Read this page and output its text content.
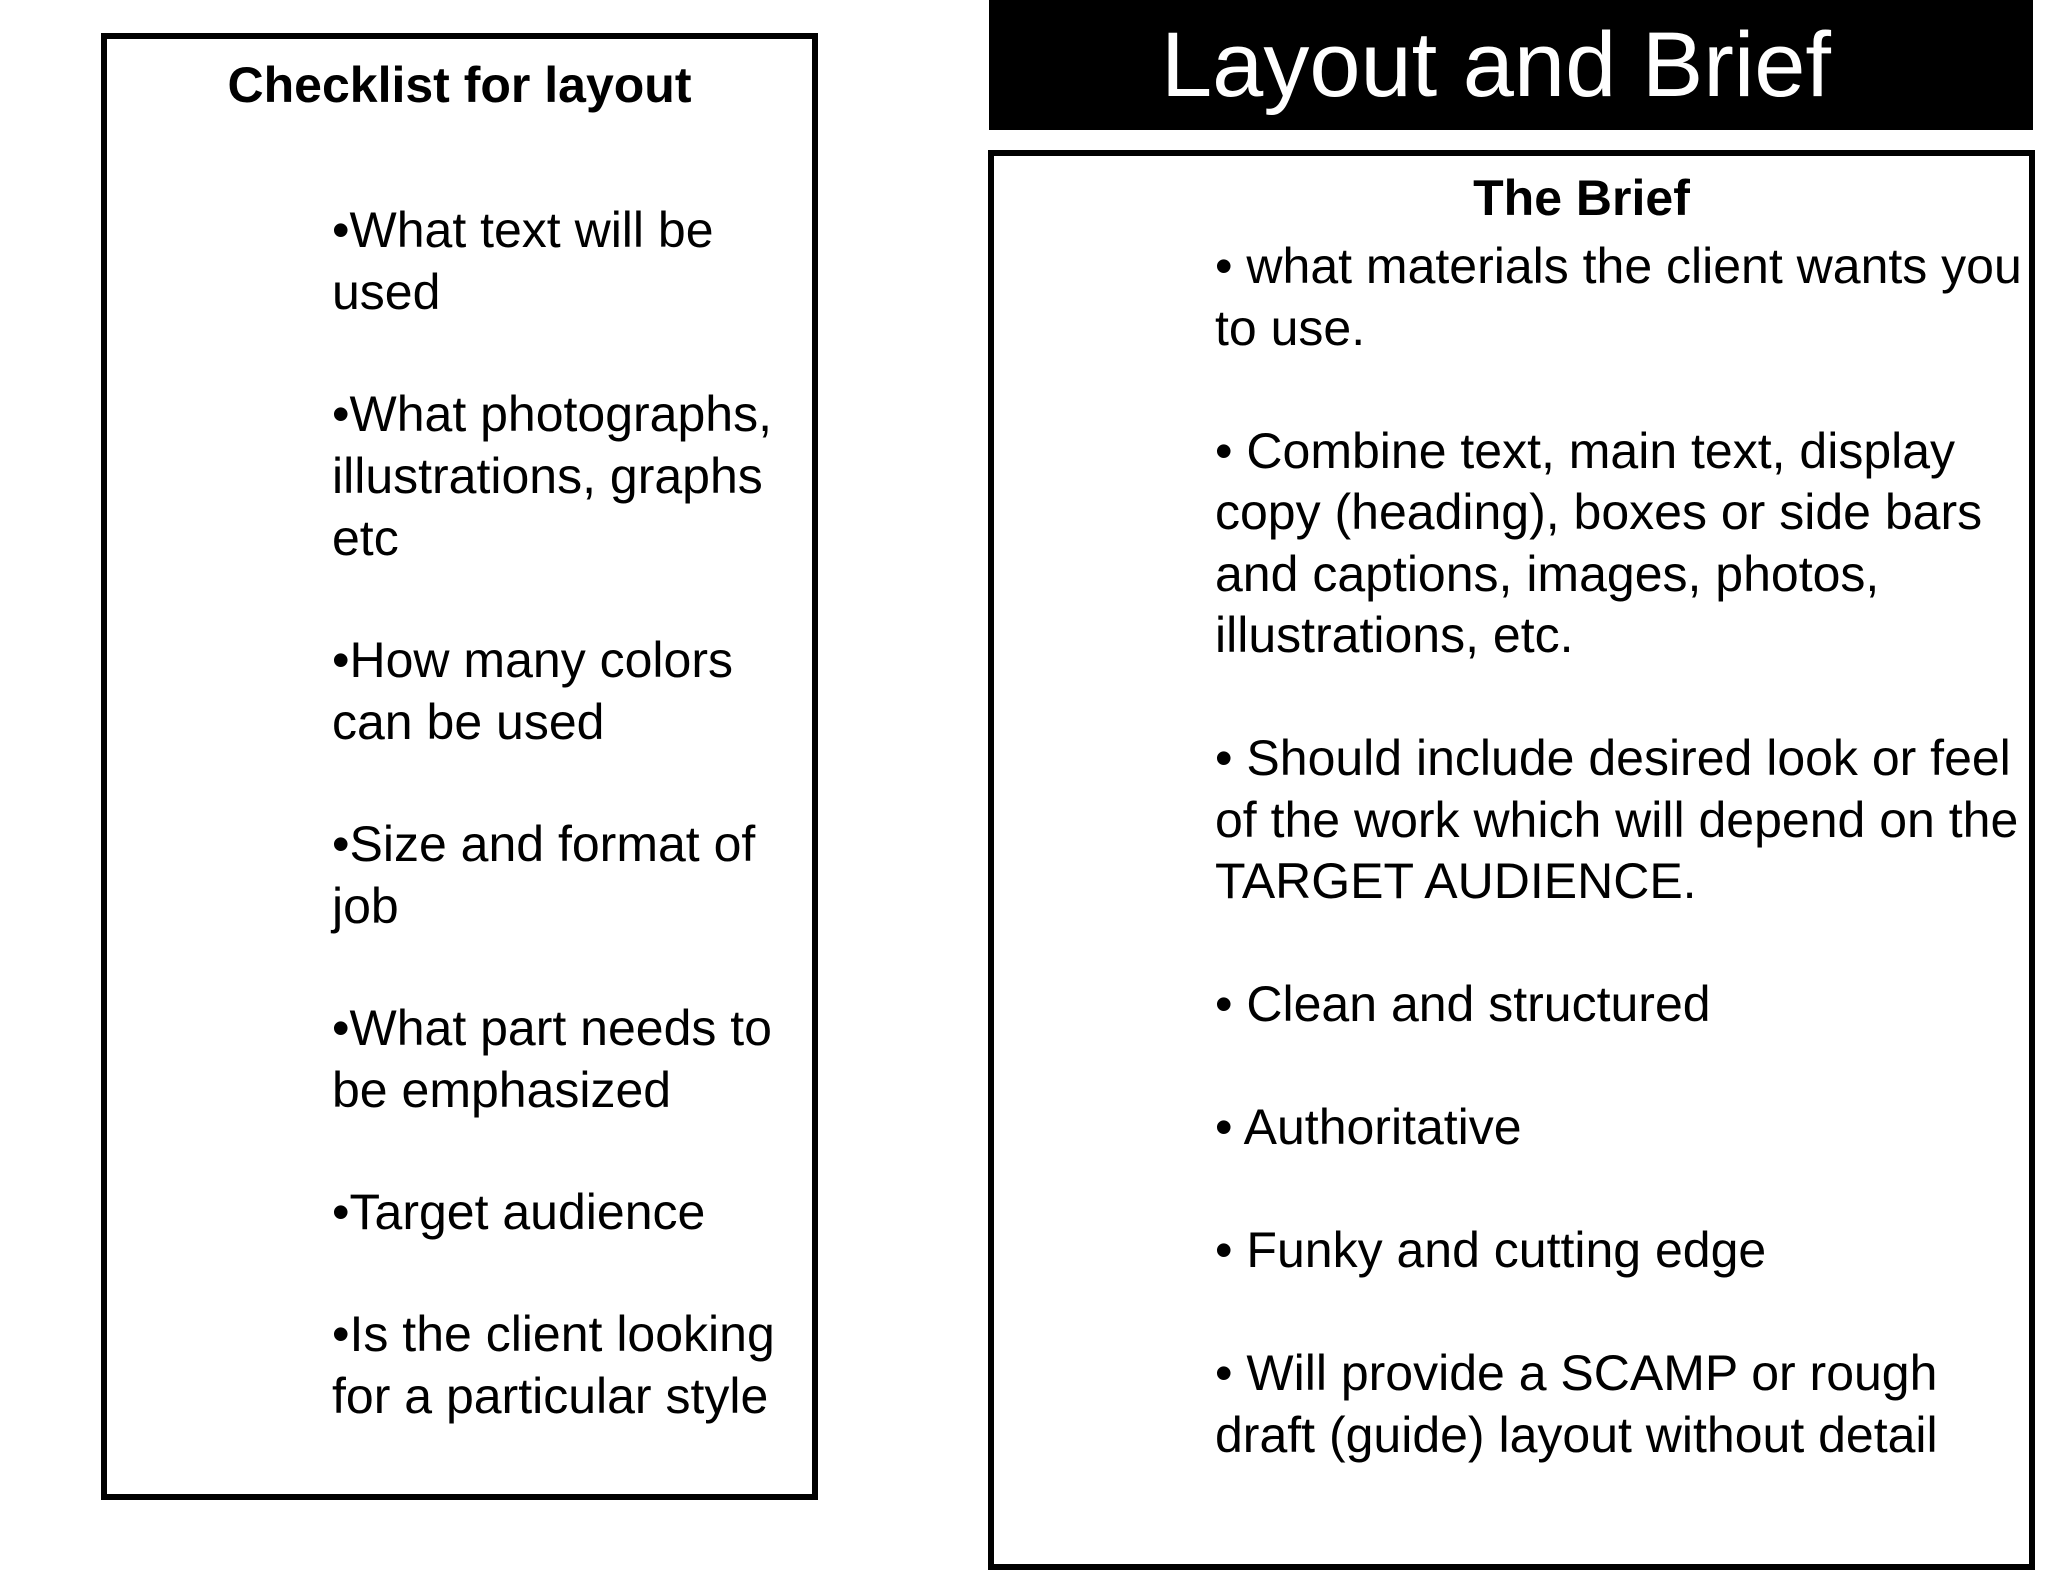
Checklist for layout
• What text will be used
• What photographs, illustrations, graphs etc
• How many colors can be used
• Size and format of job
• What part needs to be emphasized
• Target audience
• Is the client looking for a particular style
Layout and Brief
The Brief
• what materials the client wants you to use.
• Combine text, main text, display copy (heading), boxes or side bars and captions, images, photos, illustrations, etc.
• Should include desired look or feel of the work which will depend on the TARGET AUDIENCE.
• Clean and structured
• Authoritative
• Funky and cutting edge
• Will provide a SCAMP or rough draft (guide) layout without detail
